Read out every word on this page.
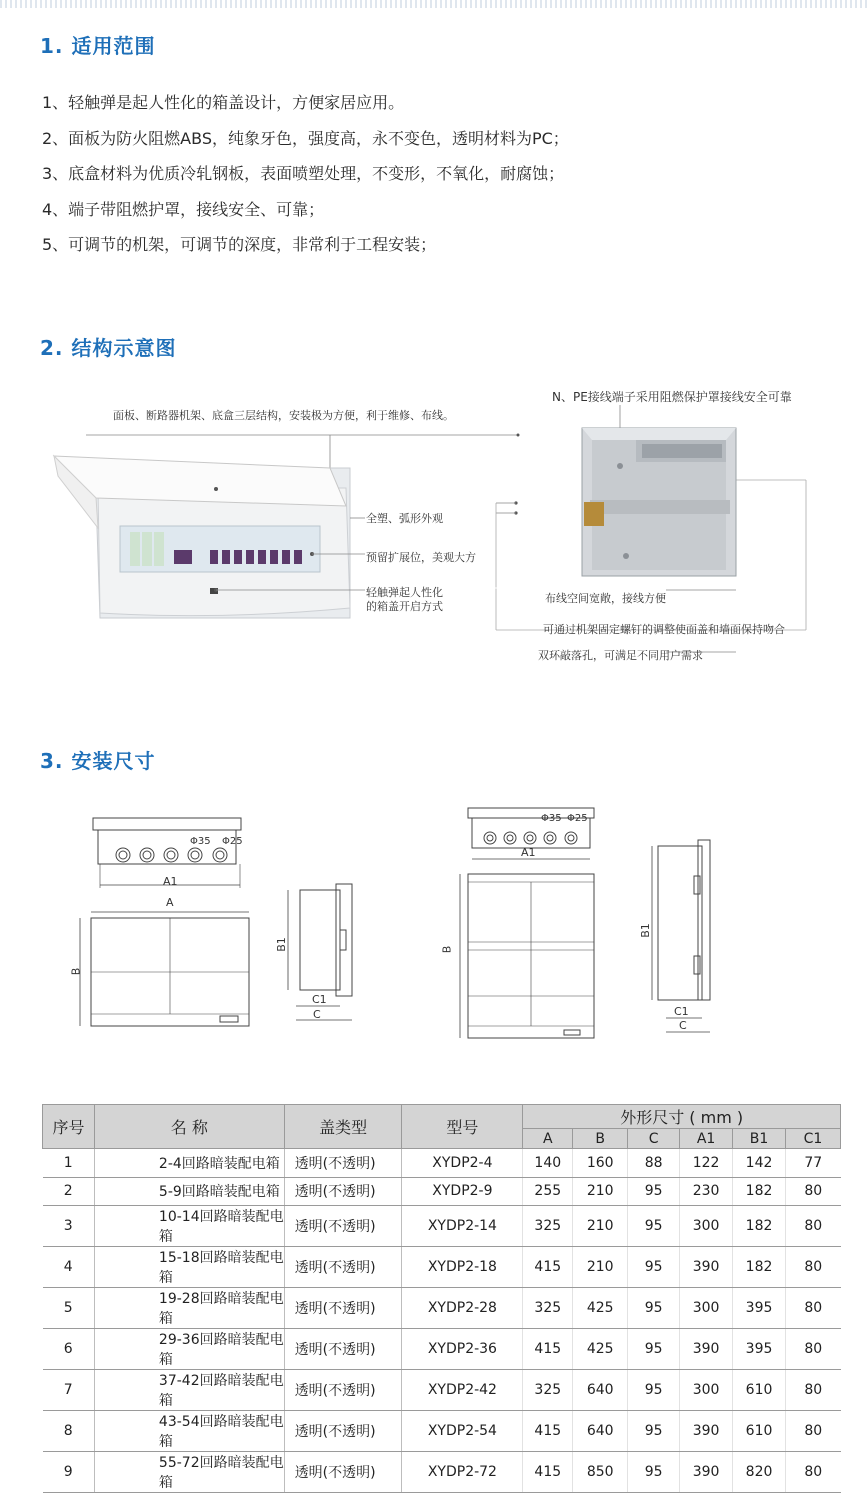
1. 适用范围
1、轻触弹是起人性化的箱盖设计，方便家居应用。
2、面板为防火阻燃ABS，纯象牙色，强度高，永不变色，透明材料为PC；
3、底盒材料为优质冷轧钢板，表面喷塑处理，不变形，不氧化，耐腐蚀；
4、端子带阻燃护罩，接线安全、可靠；
5、可调节的机架，可调节的深度，非常利于工程安装；
2. 结构示意图
面板、断路器机架、底盒三层结构，安装极为方便，利于维修、布线。
全塑、弧形外观
预留扩展位，美观大方
轻触弹起人性化
的箱盖开启方式
N、PE接线端子采用阻燃保护罩接线安全可靠
布线空间宽敞，接线方便
可通过机架固定螺钉的调整使面盖和墙面保持吻合
双环敲落孔，可满足不同用户需求
3. 安装尺寸
Φ35 Φ25
A1
A
B
B1
C1
C
Φ35 Φ25
A1
B
B1
C1
C
序号	名 称	盖类型	型号	外形尺寸 ( mm )					
				A	B	C	A1	B1	C1
1	2-4回路暗装配电箱	透明(不透明)	XYDP2-4	140	160	88	122	142	77
2	5-9回路暗装配电箱	透明(不透明)	XYDP2-9	255	210	95	230	182	80
3	10-14回路暗装配电箱	透明(不透明)	XYDP2-14	325	210	95	300	182	80
4	15-18回路暗装配电箱	透明(不透明)	XYDP2-18	415	210	95	390	182	80
5	19-28回路暗装配电箱	透明(不透明)	XYDP2-28	325	425	95	300	395	80
6	29-36回路暗装配电箱	透明(不透明)	XYDP2-36	415	425	95	390	395	80
7	37-42回路暗装配电箱	透明(不透明)	XYDP2-42	325	640	95	300	610	80
8	43-54回路暗装配电箱	透明(不透明)	XYDP2-54	415	640	95	390	610	80
9	55-72回路暗装配电箱	透明(不透明)	XYDP2-72	415	850	95	390	820	80
